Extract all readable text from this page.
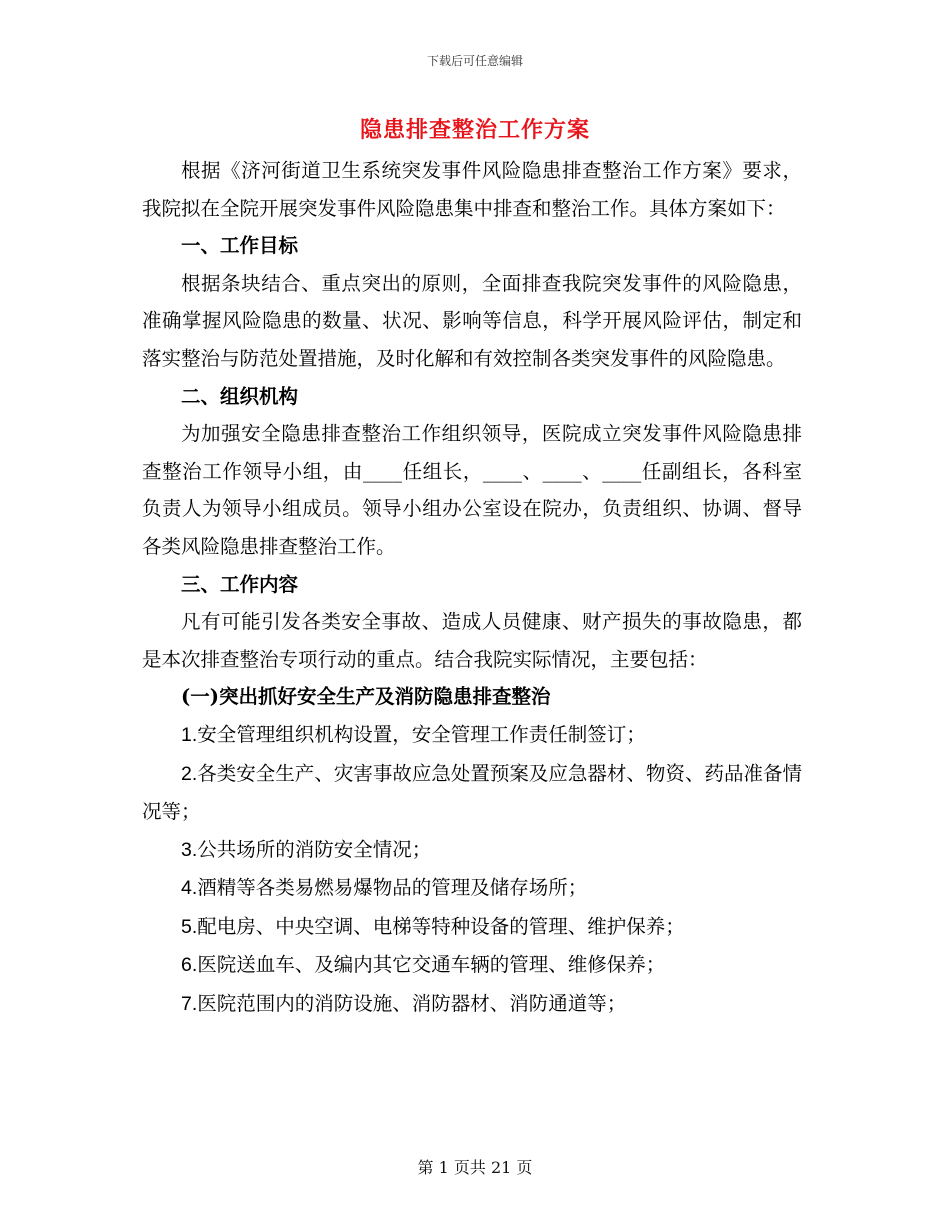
下载后可任意编辑
隐患排查整治工作方案

根据《济河街道卫生系统突发事件风险隐患排查整治工作方案》要求，我院拟在全院开展突发事件风险隐患集中排查和整治工作。具体方案如下：

一、工作目标

根据条块结合、重点突出的原则，全面排查我院突发事件的风险隐患，准确掌握风险隐患的数量、状况、影响等信息，科学开展风险评估，制定和落实整治与防范处置措施，及时化解和有效控制各类突发事件的风险隐患。

二、组织机构

为加强安全隐患排查整治工作组织领导，医院成立突发事件风险隐患排查整治工作领导小组，由____任组长，____、____、____任副组长，各科室负责人为领导小组成员。领导小组办公室设在院办，负责组织、协调、督导各类风险隐患排查整治工作。

三、工作内容

凡有可能引发各类安全事故、造成人员健康、财产损失的事故隐患，都是本次排查整治专项行动的重点。结合我院实际情况，主要包括：

(一)突出抓好安全生产及消防隐患排查整治

1.安全管理组织机构设置，安全管理工作责任制签订；

2.各类安全生产、灾害事故应急处置预案及应急器材、物资、药品准备情况等；

3.公共场所的消防安全情况；

4.酒精等各类易燃易爆物品的管理及储存场所；

5.配电房、中央空调、电梯等特种设备的管理、维护保养；

6.医院送血车、及编内其它交通车辆的管理、维修保养；

7.医院范围内的消防设施、消防器材、消防通道等；

第 1 页共 21 页
